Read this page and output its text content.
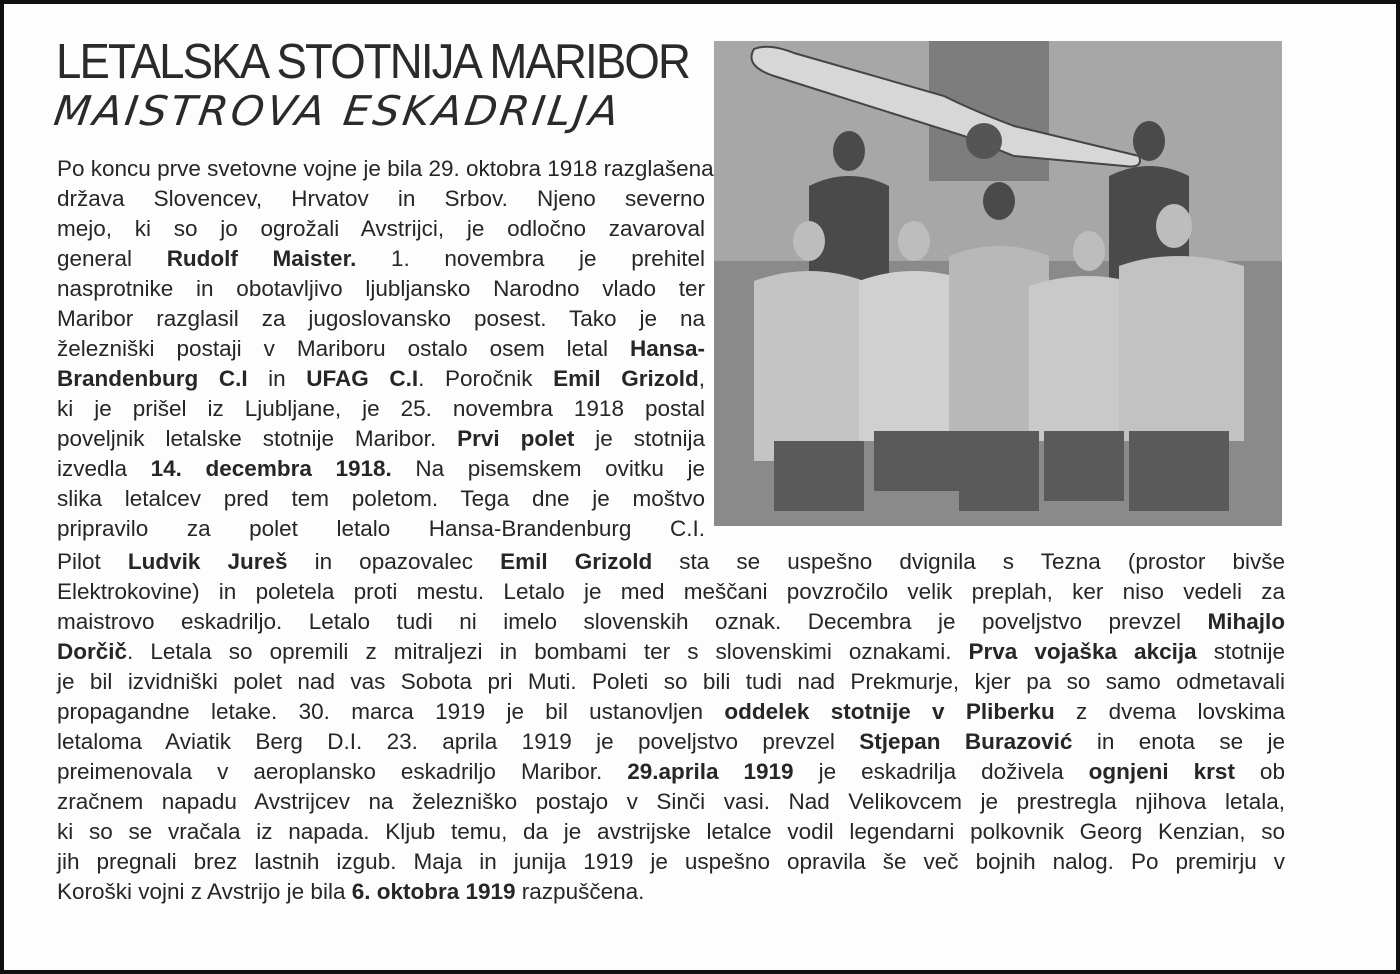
LETALSKA STOTNIJA MARIBOR
MAISTROVA ESKADRILJA
Po koncu prve svetovne vojne je bila 29. oktobra 1918 razglašena
država Slovencev, Hrvatov in Srbov. Njeno severno
mejo, ki so jo ogrožali Avstrijci, je odločno zavaroval
general Rudolf Maister. 1. novembra je prehitel
nasprotnike in obotavljivo ljubljansko Narodno vlado ter
Maribor razglasil za jugoslovansko posest. Tako je na
železniški postaji v Mariboru ostalo osem letal Hansa-
Brandenburg C.I in UFAG C.I. Poročnik Emil Grizold,
ki je prišel iz Ljubljane, je 25. novembra 1918 postal
poveljnik letalske stotnije Maribor. Prvi polet je stotnija
izvedla 14. decembra 1918. Na pisemskem ovitku je
slika letalcev pred tem poletom. Tega dne je moštvo
pripravilo za polet letalo Hansa-Brandenburg C.I.
Pilot Ludvik Jureš in opazovalec Emil Grizold sta se uspešno dvignila s Tezna (prostor bivše
Elektrokovine) in poletela proti mestu. Letalo je med meščani povzročilo velik preplah, ker niso vedeli za
maistrovo eskadriljo. Letalo tudi ni imelo slovenskih oznak. Decembra je poveljstvo prevzel Mihajlo
Dorčič. Letala so opremili z mitraljezi in bombami ter s slovenskimi oznakami. Prva vojaška akcija stotnije
je bil izvidniški polet nad vas Sobota pri Muti. Poleti so bili tudi nad Prekmurje, kjer pa so samo odmetavali
propagandne letake. 30. marca 1919 je bil ustanovljen oddelek stotnije v Pliberku z dvema lovskima
letaloma Aviatik Berg D.I. 23. aprila 1919 je poveljstvo prevzel Stjepan Burazović in enota se je
preimenovala v aeroplansko eskadriljo Maribor. 29.aprila 1919 je eskadrilja doživela ognjeni krst ob
zračnem napadu Avstrijcev na železniško postajo v Sinči vasi. Nad Velikovcem je prestregla njihova letala,
ki so se vračala iz napada. Kljub temu, da je avstrijske letalce vodil legendarni polkovnik Georg Kenzian, so
jih pregnali brez lastnih izgub. Maja in junija 1919 je uspešno opravila še več bojnih nalog. Po premirju v
Koroški vojni z Avstrijo je bila 6. oktobra 1919 razpuščena.
